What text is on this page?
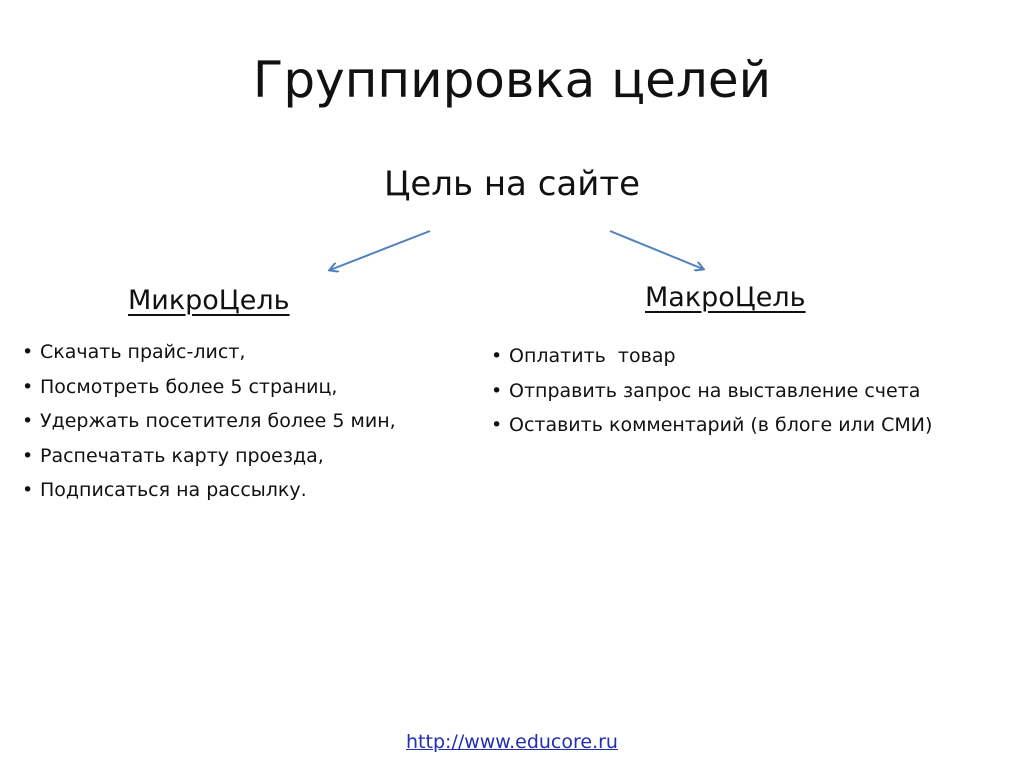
Группировка целей
Цель на сайте
МикроЦель	МакроЦель
• Скачать прайс-лист,
• Посмотреть более 5 страниц,
• Удержать посетителя более 5 мин,
• Распечатать карту проезда,
• Подписаться на рассылку.
• Оплатить  товар
• Отправить запрос на выставление счета
• Оставить комментарий (в блоге или СМИ)
http://www.educore.ru
